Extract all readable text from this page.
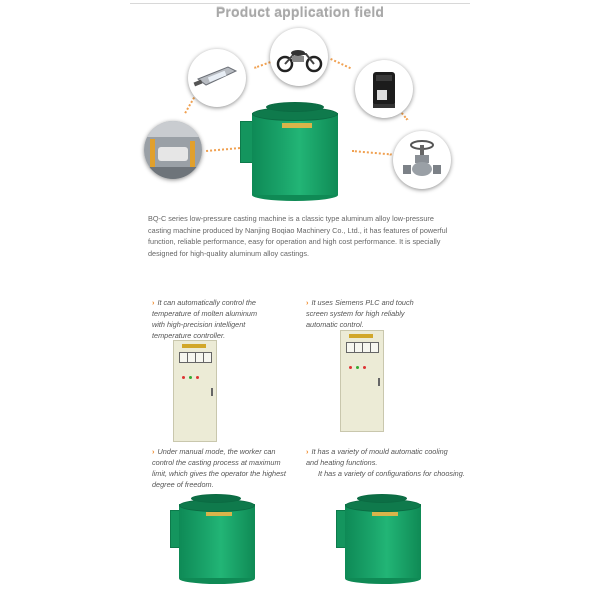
Product application field
BQ-C series low-pressure casting machine is a classic type aluminum alloy low-pressure casting machine produced by Nanjing Boqiao Machinery Co., Ltd., it has features of powerful function, reliable performance, easy for operation and high cost performance. It is specially designed for high-quality aluminum alloy castings.
› It can automatically control the
temperature of molten aluminum
with high-precision intelligent
temperature controller.
› It uses Siemens PLC and touch
screen system for high reliably
automatic control.
› Under manual mode, the worker can
control the casting process at maximum
limit, which gives the operator the highest
degree of freedom.
› It has a variety of mould automatic cooling
and heating functions.
It has a variety of configurations for choosing.
